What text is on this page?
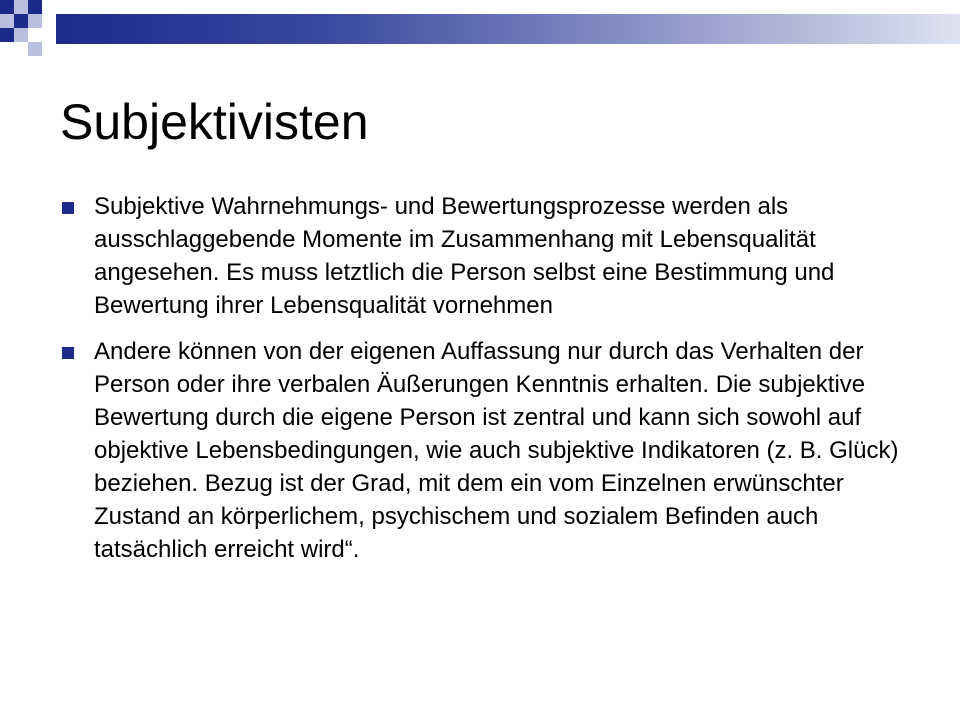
Subjektivisten
Subjektive Wahrnehmungs- und Bewertungsprozesse werden als ausschlaggebende Momente im Zusammenhang mit Lebensqualität angesehen. Es muss letztlich die Person selbst eine Bestimmung und Bewertung ihrer Lebensqualität vornehmen
Andere können von der eigenen Auffassung nur durch das Verhalten der Person oder ihre verbalen Äußerungen Kenntnis erhalten. Die subjektive Bewertung durch die eigene Person ist zentral und kann sich sowohl auf objektive Lebensbedingungen, wie auch subjektive Indikatoren (z. B. Glück) beziehen. Bezug ist der Grad, mit dem ein vom Einzelnen erwünschter Zustand an körperlichem, psychischem und sozialem Befinden auch tatsächlich erreicht wird“.
